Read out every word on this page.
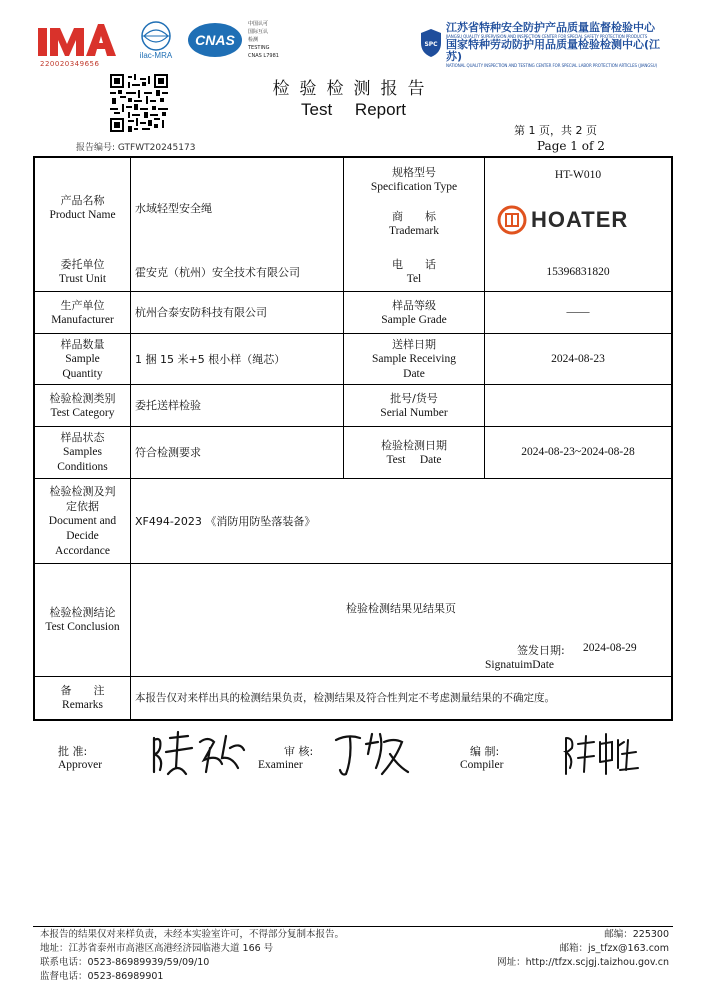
220020349656
ilac-MRA
CNAS
中国认可
国际互认
检测
TESTING
CNAS L7981
SPC
江苏省特种安全防护产品质量监督检验中心
JIANGSU QUALITY SUPERVISION AND INSPECTION CENTER FOR SPECIAL SAFETY PROTECTION PRODUCTS
国家特种劳动防护用品质量检验检测中心(江苏)
NATIONAL QUALITY INSPECTION AND TESTING CENTER FOR SPECIAL LABOR PROTECTION ARTICLES (JIANGSU)
检验检测报告
Test Report
第 1 页，共 2 页
Page 1 of 2
报告编号: GTFWT20245173
产品名称
Product Name
水域轻型安全绳
规格型号
Specification Type
HT-W010
商　　标
Trademark	HOATER
委托单位
Trust Unit
霍安克（杭州）安全技术有限公司
电　　话
Tel
15396831820
生产单位
Manufacturer
杭州合泰安防科技有限公司
样品等级
Sample Grade
——
样品数量
Sample
Quantity
1 捆 15 米+5 根小样（绳芯）
送样日期
Sample Receiving
Date
2024-08-23
检验检测类别
Test Category
委托送样检验
批号/货号
Serial Number
样品状态
Samples
Conditions
符合检测要求
检验检测日期
Test　 Date
2024-08-23~2024-08-28
检验检测及判
定依据
Document and
Decide
Accordance
XF494-2023 《消防用防坠落装备》
检验检测结论
Test Conclusion
检验检测结果见结果页
签发日期: 2024-08-29
SignatuimDate
备　　注
Remarks
本报告仅对来样出具的检测结果负责，检测结果及符合性判定不考虑测量结果的不确定度。
批 准:
Approver
审 核:
Examiner
编 制:
Compiler
本报告的结果仅对来样负责，未经本实验室许可，不得部分复制本报告。
地址：江苏省泰州市高港区高港经济园临港大道 166 号
联系电话：0523-86989939/59/09/10
监督电话：0523-86989901
邮编：225300
邮箱：js_tfzx@163.com
网址：http://tfzx.scjgj.taizhou.gov.cn
